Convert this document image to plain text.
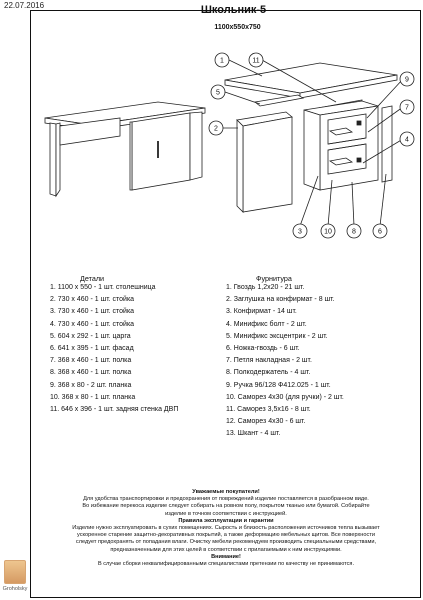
22.07.2016	Школьник-5
1100x550x750
1	11
5
2
9
7
4
3	10	8	6
Детали
1. 1100 x 550 - 1 шт. столешница
2. 730 x 460 - 1 шт. стойка
3. 730 x 460 - 1 шт. стойка
4. 730 x 460 - 1 шт. стойка
5. 604 x 292 - 1 шт. царга
6. 641 x 395 - 1 шт. фасад
7. 368 x 460 - 1 шт. полка
8. 368 x 460 - 1 шт. полка
9. 368 x 80 - 2 шт. планка
10. 368 x 80 - 1 шт. планка
11. 646 x 396 - 1 шт. задняя стенка ДВП
Фурнитура
1. Гвоздь 1,2x20 - 21 шт.
2. Заглушка на конфирмат - 8 шт.
3. Конфирмат - 14 шт.
4. Минификс болт - 2 шт.
5. Минификс эксцентрик - 2 шт.
6. Ножка-гвоздь - 6 шт.
7. Петля накладная - 2 шт.
8. Полкодержатель - 4 шт.
9. Ручка 96/128 Ф412.025 - 1 шт.
10. Саморез 4x30 (для ручки) - 2 шт.
11. Саморез 3,5x16 - 8 шт.
12. Саморез 4x30 - 6 шт.
13. Шкант - 4 шт.
Уважаемые покупатели!
Для удобства транспортировки и предохранения от повреждений изделие поставляется в разобранном виде.
Во избежание перекоса изделие следует собирать на ровном полу, покрытом тканью или бумагой. Собирайте
изделие в точном соответствии с инструкцией.
Правила эксплуатации и гарантии
Изделие нужно эксплуатировать в сухих помещениях. Сырость и близость расположения источников тепла вызывает
ускоренное старение защитно-декоративных покрытий, а также деформацию мебельных щитов. Все поверхности
следует предохранять от попадания влаги. Очистку мебели рекомендуем производить специальными средствами,
предназначенными для этих целей в соответствии с прилагаемыми к ним инструкциями.
Внимание!
В случае сборки неквалифицированными специалистами претензии по качеству не принимаются.
Groholsky
